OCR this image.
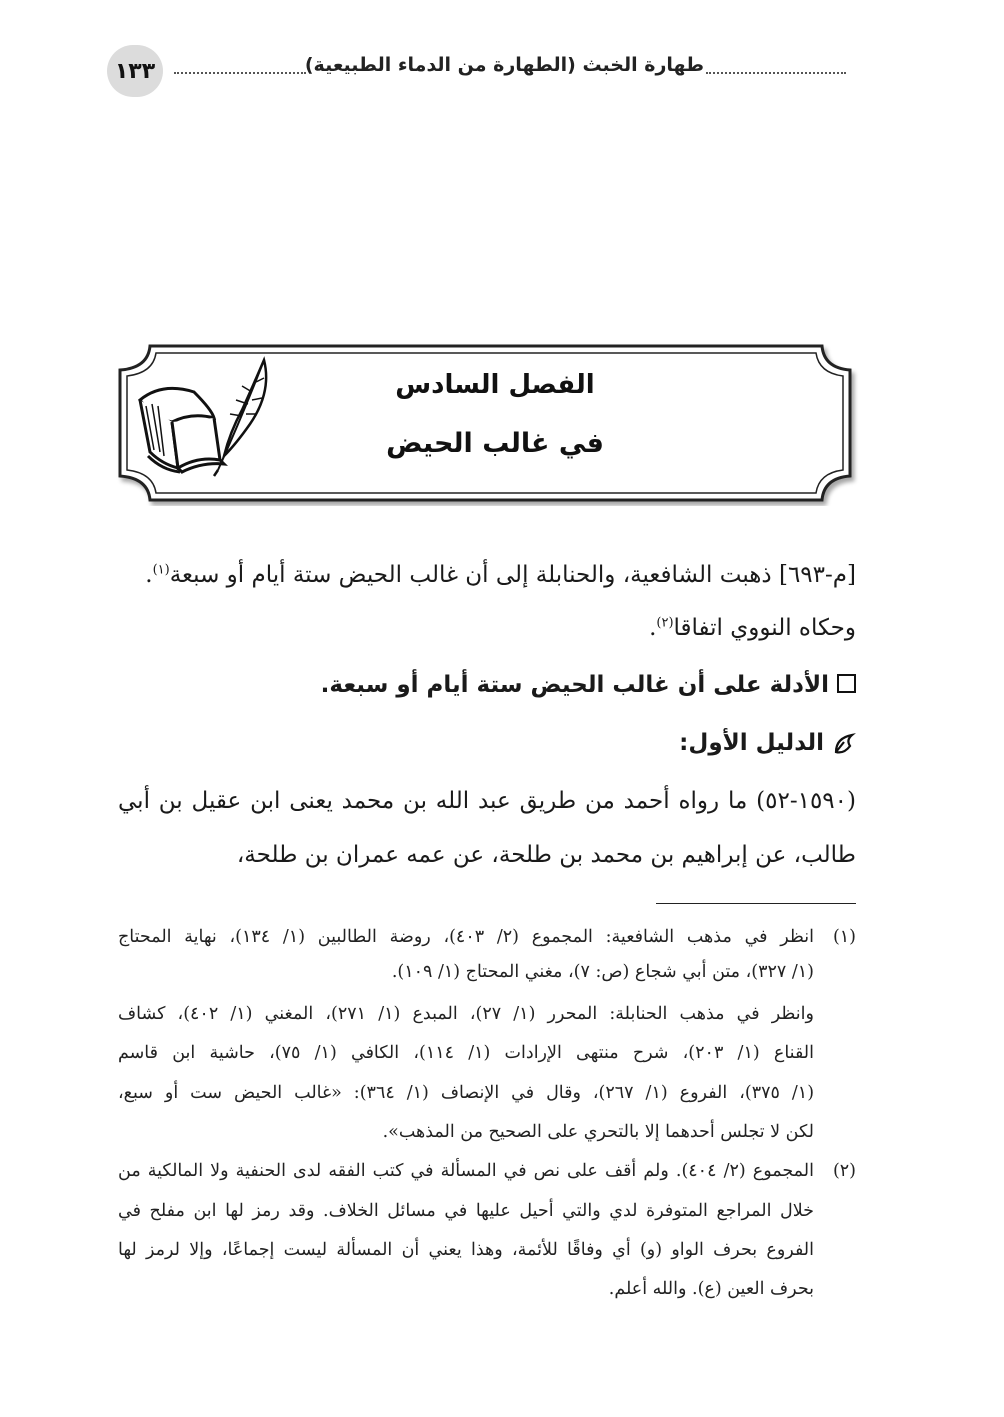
طهارة الخبث (الطهارة من الدماء الطبيعية)
١٣٣
الفصل السادس
في غالب الحيض
[م-٦٩٣] ذهبت الشافعية، والحنابلة إلى أن غالب الحيض ستة أيام أو سبعة$^{(١)}$.
وحكاه النووي اتفاقا$^{(٢)}$.
الأدلة على أن غالب الحيض ستة أيام أو سبعة.
الدليل الأول:
(١٥٩٠-٥٢) ما رواه أحمد من طريق عبد الله بن محمد يعنى ابن عقيل بن أبي
طالب، عن إبراهيم بن محمد بن طلحة، عن عمه عمران بن طلحة،
(١)
انظر في مذهب الشافعية: المجموع (٢/ ٤٠٣)، روضة الطالبين (١/ ١٣٤)، نهاية المحتاج
(١/ ٣٢٧)، متن أبي شجاع (ص: ٧)، مغني المحتاج (١/ ١٠٩).
وانظر في مذهب الحنابلة: المحرر (١/ ٢٧)، المبدع (١/ ٢٧١)، المغني (١/ ٤٠٢)، كشاف
القناع (١/ ٢٠٣)، شرح منتهى الإرادات (١/ ١١٤)، الكافي (١/ ٧٥)، حاشية ابن قاسم
(١/ ٣٧٥)، الفروع (١/ ٢٦٧)، وقال في الإنصاف (١/ ٣٦٤): «غالب الحيض ست أو سبع،
لكن لا تجلس أحدهما إلا بالتحري على الصحيح من المذهب».
(٢)
المجموع (٢/ ٤٠٤). ولم أقف على نص في المسألة في كتب الفقه لدى الحنفية ولا المالكية من
خلال المراجع المتوفرة لدي والتي أحيل عليها في مسائل الخلاف. وقد رمز لها ابن مفلح في
الفروع بحرف الواو (و) أي وفاقًا للأئمة، وهذا يعني أن المسألة ليست إجماعًا، وإلا لرمز لها
بحرف العين (ع). والله أعلم.
